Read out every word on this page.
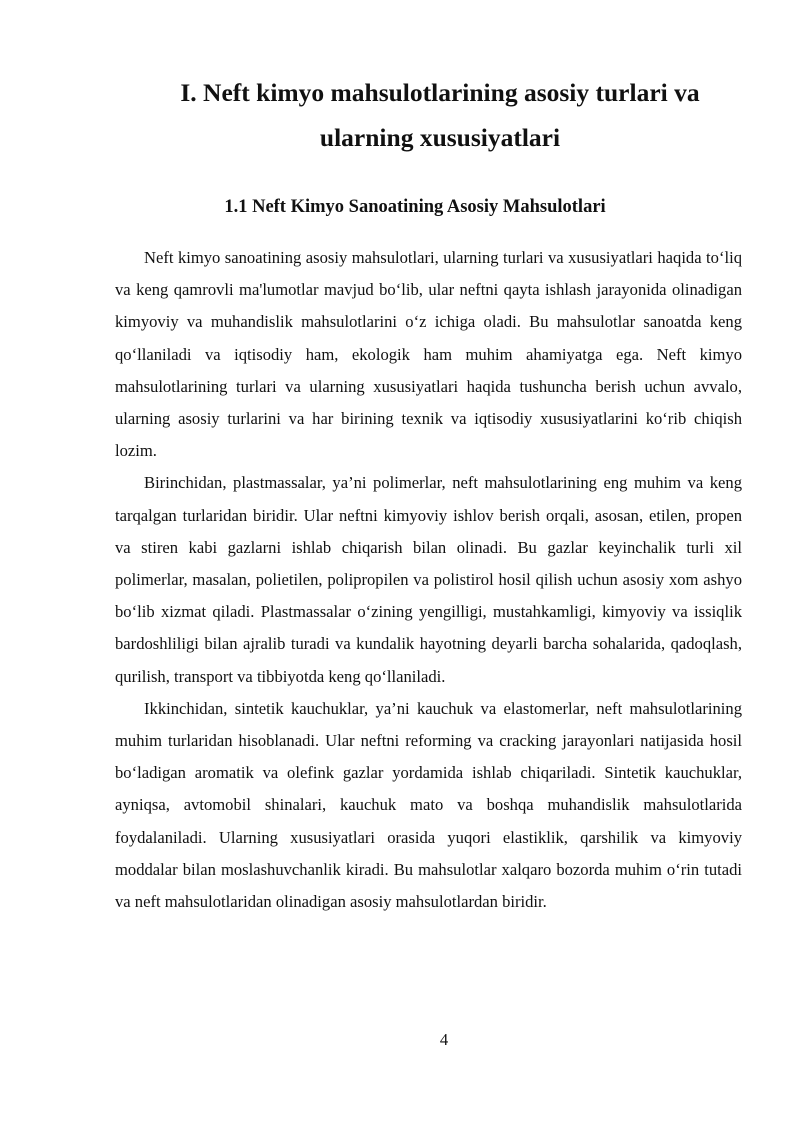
I. Neft kimyo mahsulotlarining asosiy turlari va ularning xususiyatlari
1.1 Neft Kimyo Sanoatining Asosiy Mahsulotlari

Neft kimyo sanoatining asosiy mahsulotlari, ularning turlari va xususiyatlari haqida to‘liq va keng qamrovli ma'lumotlar mavjud bo‘lib, ular neftni qayta ishlash jarayonida olinadigan kimyoviy va muhandislik mahsulotlarini o‘z ichiga oladi. Bu mahsulotlar sanoatda keng qo‘llaniladi va iqtisodiy ham, ekologik ham muhim ahamiyatga ega. Neft kimyo mahsulotlarining turlari va ularning xususiyatlari haqida tushuncha berish uchun avvalo, ularning asosiy turlarini va har birining texnik va iqtisodiy xususiyatlarini ko‘rib chiqish lozim.

Birinchidan, plastmassalar, ya’ni polimerlar, neft mahsulotlarining eng muhim va keng tarqalgan turlaridan biridir. Ular neftni kimyoviy ishlov berish orqali, asosan, etilen, propen va stiren kabi gazlarni ishlab chiqarish bilan olinadi. Bu gazlar keyinchalik turli xil polimerlar, masalan, polietilen, polipropilen va polistirol hosil qilish uchun asosiy xom ashyo bo‘lib xizmat qiladi. Plastmassalar o‘zining yengilligi, mustahkamligi, kimyoviy va issiqlik bardoshliligi bilan ajralib turadi va kundalik hayotning deyarli barcha sohalarida, qadoqlash, qurilish, transport va tibbiyotda keng qo‘llaniladi.

Ikkinchidan, sintetik kauchuklar, ya’ni kauchuk va elastomerlar, neft mahsulotlarining muhim turlaridan hisoblanadi. Ular neftni reforming va cracking jarayonlari natijasida hosil bo‘ladigan aromatik va olefink gazlar yordamida ishlab chiqariladi. Sintetik kauchuklar, ayniqsa, avtomobil shinalari, kauchuk mato va boshqa muhandislik mahsulotlarida foydalaniladi. Ularning xususiyatlari orasida yuqori elastiklik, qarshilik va kimyoviy moddalar bilan moslashuvchanlik kiradi. Bu mahsulotlar xalqaro bozorda muhim o‘rin tutadi va neft mahsulotlaridan olinadigan asosiy mahsulotlardan biridir.

4
